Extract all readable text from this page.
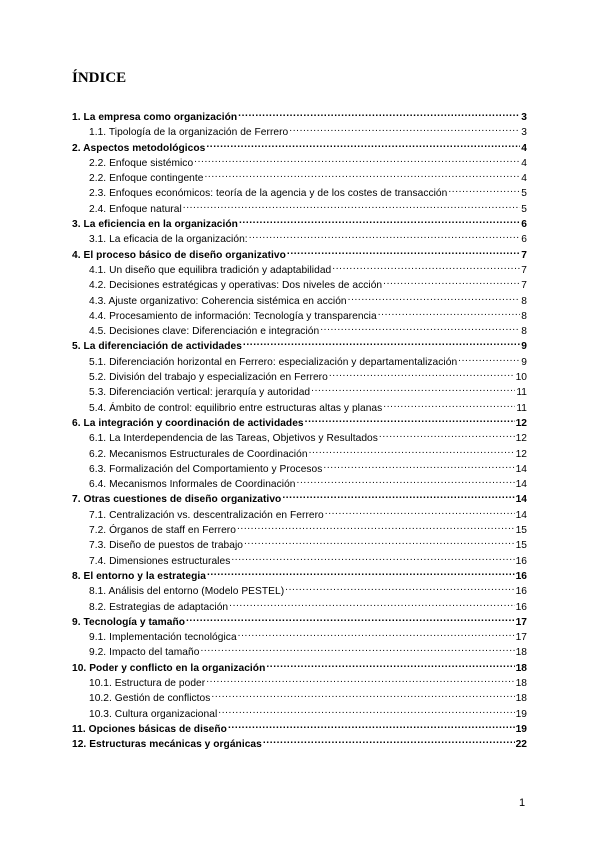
ÍNDICE
1. La empresa como organización .....	3
1.1. Tipología de la organización de Ferrero .....	3
2. Aspectos metodológicos .....	4
2.2. Enfoque sistémico .....	4
2.2. Enfoque contingente .....	4
2.3. Enfoques económicos: teoría de la agencia y de los costes de transacción .....	5
2.4. Enfoque natural .....	5
3. La eficiencia en la organización .....	6
3.1. La eficacia de la organización: .....	6
4. El proceso básico de diseño organizativo .....	7
4.1. Un diseño que equilibra tradición y adaptabilidad .....	7
4.2. Decisiones estratégicas y operativas: Dos niveles de acción .....	7
4.3. Ajuste organizativo: Coherencia sistémica en acción .....	8
4.4. Procesamiento de información: Tecnología y transparencia .....	8
4.5. Decisiones clave: Diferenciación e integración .....	8
5. La diferenciación de actividades .....	9
5.1. Diferenciación horizontal en Ferrero: especialización y departamentalización .....	9
5.2. División del trabajo y especialización en Ferrero .....	10
5.3. Diferenciación vertical: jerarquía y autoridad .....	11
5.4. Ámbito de control: equilibrio entre estructuras altas y planas .....	11
6. La integración y coordinación de actividades .....	12
6.1. La Interdependencia de las Tareas, Objetivos y Resultados .....	12
6.2. Mecanismos Estructurales de Coordinación .....	12
6.3. Formalización del Comportamiento y Procesos .....	14
6.4. Mecanismos Informales de Coordinación .....	14
7. Otras cuestiones de diseño organizativo .....	14
7.1. Centralización vs. descentralización en Ferrero .....	14
7.2. Órganos de staff en Ferrero .....	15
7.3. Diseño de puestos de trabajo .....	15
7.4. Dimensiones estructurales .....	16
8. El entorno y la estrategia .....	16
8.1. Análisis del entorno (Modelo PESTEL) .....	16
8.2. Estrategias de adaptación .....	16
9. Tecnología y tamaño .....	17
9.1. Implementación tecnológica .....	17
9.2. Impacto del tamaño .....	18
10. Poder y conflicto en la organización .....	18
10.1. Estructura de poder .....	18
10.2. Gestión de conflictos .....	18
10.3. Cultura organizacional .....	19
11. Opciones básicas de diseño .....	19
12. Estructuras mecánicas y orgánicas .....	22
1
